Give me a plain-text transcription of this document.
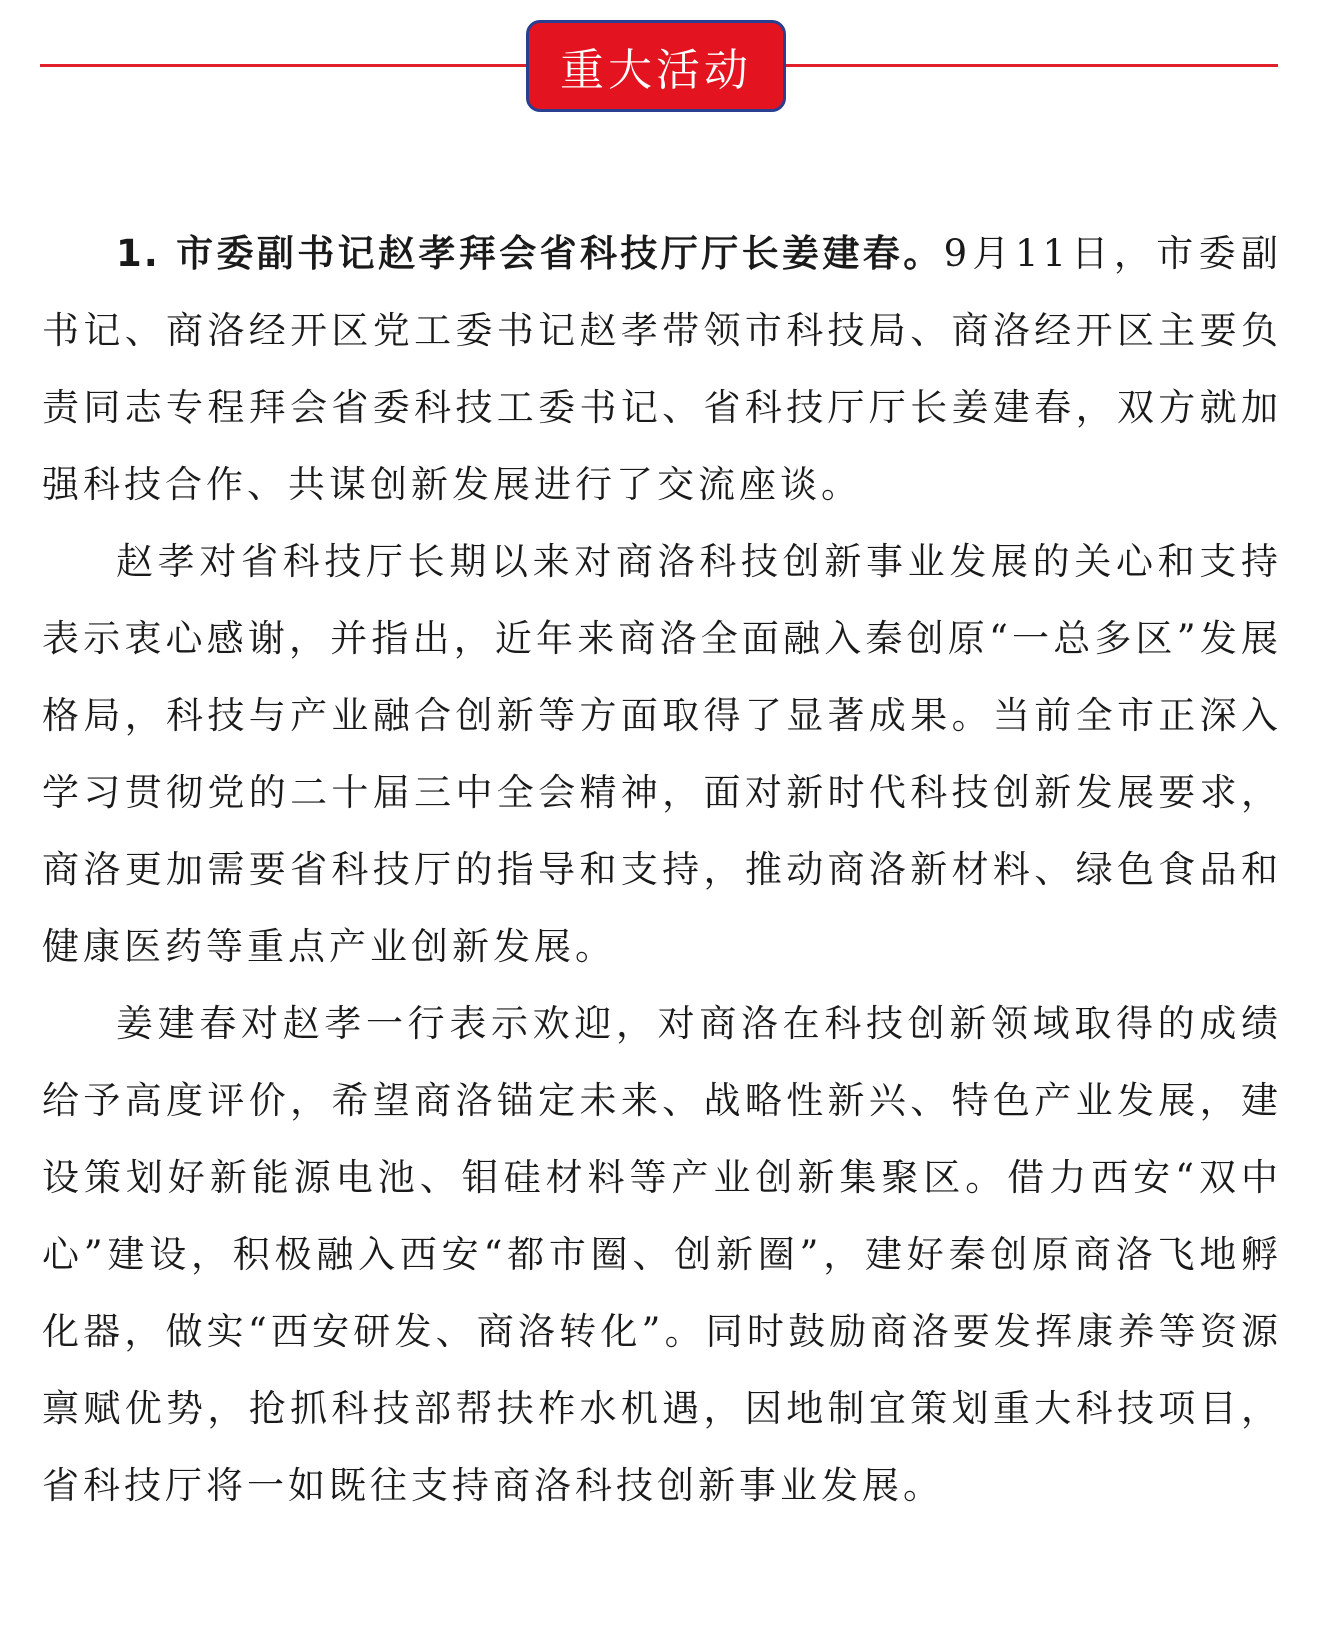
重大活动

1. 市委副书记赵孝拜会省科技厅厅长姜建春。9月11日，市委副书记、商洛经开区党工委书记赵孝带领市科技局、商洛经开区主要负责同志专程拜会省委科技工委书记、省科技厅厅长姜建春，双方就加强科技合作、共谋创新发展进行了交流座谈。

赵孝对省科技厅长期以来对商洛科技创新事业发展的关心和支持表示衷心感谢，并指出，近年来商洛全面融入秦创原“一总多区”发展格局，科技与产业融合创新等方面取得了显著成果。当前全市正深入学习贯彻党的二十届三中全会精神，面对新时代科技创新发展要求，商洛更加需要省科技厅的指导和支持，推动商洛新材料、绿色食品和健康医药等重点产业创新发展。

姜建春对赵孝一行表示欢迎，对商洛在科技创新领域取得的成绩给予高度评价，希望商洛锚定未来、战略性新兴、特色产业发展，建设策划好新能源电池、钼硅材料等产业创新集聚区。借力西安“双中心”建设，积极融入西安“都市圈、创新圈”，建好秦创原商洛飞地孵化器，做实“西安研发、商洛转化”。同时鼓励商洛要发挥康养等资源禀赋优势，抢抓科技部帮扶柞水机遇，因地制宜策划重大科技项目，省科技厅将一如既往支持商洛科技创新事业发展。
